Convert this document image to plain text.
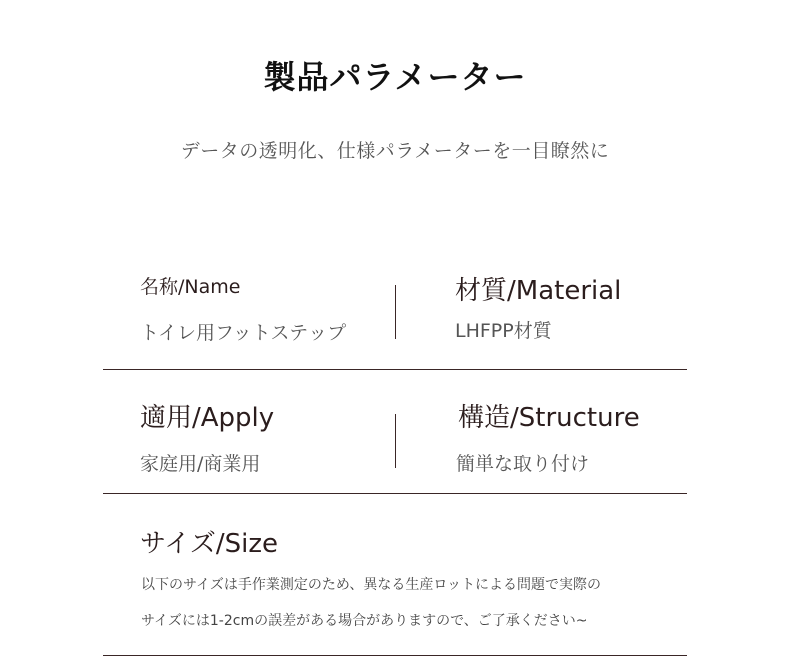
製品パラメーター
データの透明化、仕様パラメーターを一目瞭然に
名称/Name
トイレ用フットステップ
材質/Material
LHFPP材質
適用/Apply
家庭用/商業用
構造/Structure
簡単な取り付け
サイズ/Size
以下のサイズは手作業測定のため、異なる生産ロットによる問題で実際の
サイズには1-2cmの誤差がある場合がありますので、ご了承ください~
